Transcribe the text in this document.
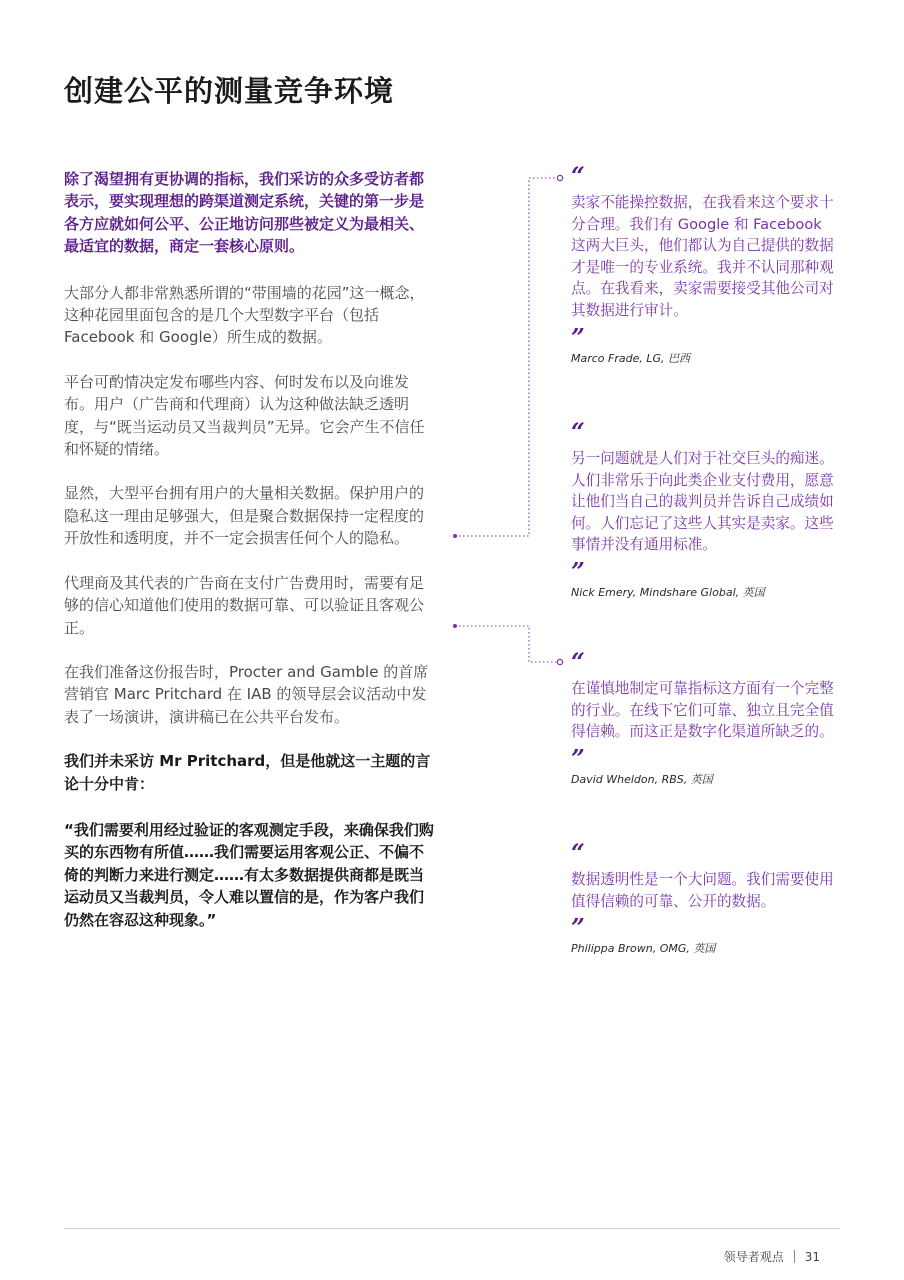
创建公平的测量竞争环境

除了渴望拥有更协调的指标，我们采访的众多受访者都表示，要实现理想的跨渠道测定系统，关键的第一步是各方应就如何公平、公正地访问那些被定义为最相关、最适宜的数据，商定一套核心原则。

大部分人都非常熟悉所谓的“带围墙的花园”这一概念，这种花园里面包含的是几个大型数字平台（包括 Facebook 和 Google）所生成的数据。

平台可酌情决定发布哪些内容、何时发布以及向谁发布。用户（广告商和代理商）认为这种做法缺乏透明度，与“既当运动员又当裁判员”无异。它会产生不信任和怀疑的情绪。

显然，大型平台拥有用户的大量相关数据。保护用户的隐私这一理由足够强大，但是聚合数据保持一定程度的开放性和透明度，并不一定会损害任何个人的隐私。

代理商及其代表的广告商在支付广告费用时，需要有足够的信心知道他们使用的数据可靠、可以验证且客观公正。

在我们准备这份报告时，Procter and Gamble 的首席营销官 Marc Pritchard 在 IAB 的领导层会议活动中发表了一场演讲，演讲稿已在公共平台发布。

我们并未采访 Mr Pritchard，但是他就这一主题的言论十分中肯：

“我们需要利用经过验证的客观测定手段，来确保我们购买的东西物有所值……我们需要运用客观公正、不偏不倚的判断力来进行测定……有太多数据提供商都是既当运动员又当裁判员，令人难以置信的是，作为客户我们仍然在容忍这种现象。”

“

卖家不能操控数据，在我看来这个要求十分合理。我们有 Google 和 Facebook 这两大巨头，他们都认为自己提供的数据才是唯一的专业系统。我并不认同那种观点。在我看来，卖家需要接受其他公司对其数据进行审计。

”

Marco Frade, LG, 巴西

“

另一问题就是人们对于社交巨头的痴迷。人们非常乐于向此类企业支付费用，愿意让他们当自己的裁判员并告诉自己成绩如何。人们忘记了这些人其实是卖家。这些事情并没有通用标准。

”

Nick Emery, Mindshare Global, 英国

“

在谨慎地制定可靠指标这方面有一个完整的行业。在线下它们可靠、独立且完全值得信赖。而这正是数字化渠道所缺乏的。

”

David Wheldon, RBS, 英国

“

数据透明性是一个大问题。我们需要使用值得信赖的可靠、公开的数据。

”

Philippa Brown, OMG, 英国

领导者观点 31
